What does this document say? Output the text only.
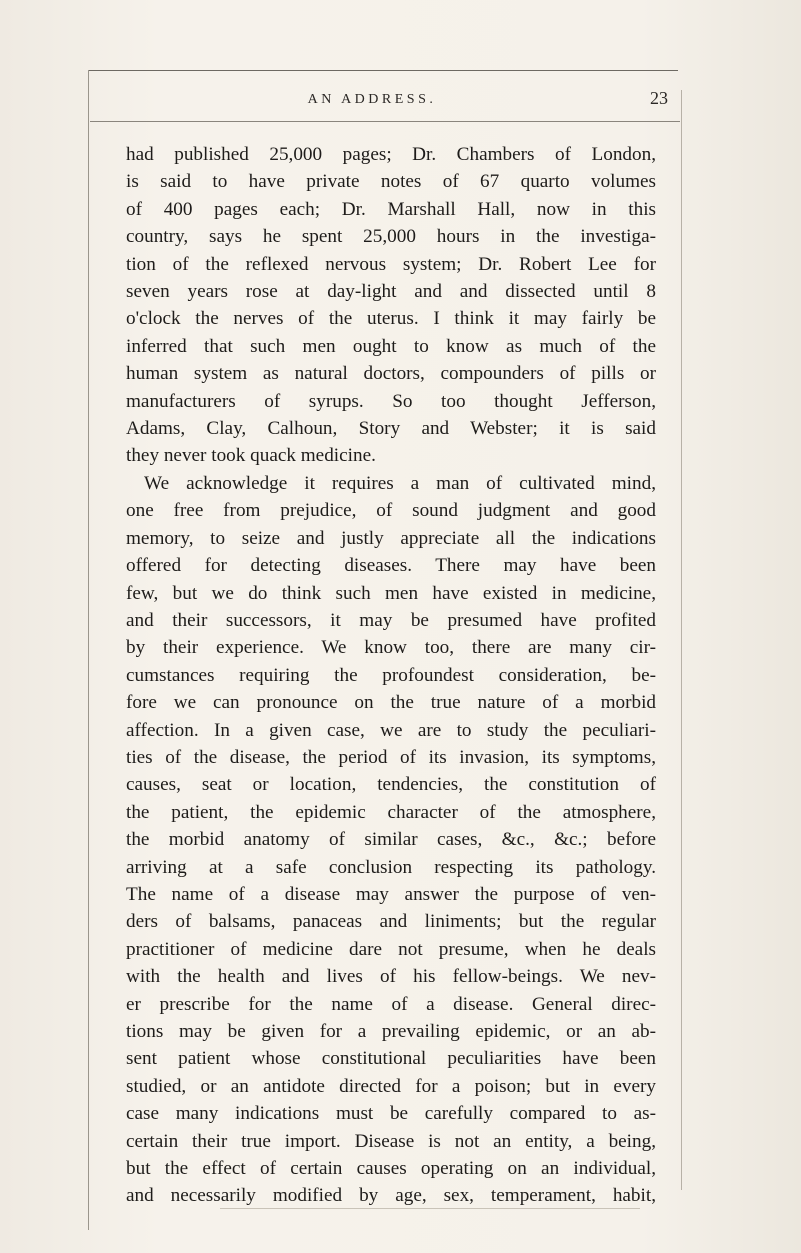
AN ADDRESS.	23
had published 25,000 pages; Dr. Chambers of London,
is said to have private notes of 67 quarto volumes
of 400 pages each; Dr. Marshall Hall, now in this
country, says he spent 25,000 hours in the investiga-
tion of the reflexed nervous system; Dr. Robert Lee for
seven years rose at day-light and and dissected until 8
o'clock the nerves of the uterus. I think it may fairly be
inferred that such men ought to know as much of the
human system as natural doctors, compounders of pills or
manufacturers of syrups. So too thought Jefferson,
Adams, Clay, Calhoun, Story and Webster; it is said
they never took quack medicine.
We acknowledge it requires a man of cultivated mind,
one free from prejudice, of sound judgment and good
memory, to seize and justly appreciate all the indications
offered for detecting diseases. There may have been
few, but we do think such men have existed in medicine,
and their successors, it may be presumed have profited
by their experience. We know too, there are many cir-
cumstances requiring the profoundest consideration, be-
fore we can pronounce on the true nature of a morbid
affection. In a given case, we are to study the peculiari-
ties of the disease, the period of its invasion, its symptoms,
causes, seat or location, tendencies, the constitution of
the patient, the epidemic character of the atmosphere,
the morbid anatomy of similar cases, &c., &c.; before
arriving at a safe conclusion respecting its pathology.
The name of a disease may answer the purpose of ven-
ders of balsams, panaceas and liniments; but the regular
practitioner of medicine dare not presume, when he deals
with the health and lives of his fellow-beings. We nev-
er prescribe for the name of a disease. General direc-
tions may be given for a prevailing epidemic, or an ab-
sent patient whose constitutional peculiarities have been
studied, or an antidote directed for a poison; but in every
case many indications must be carefully compared to as-
certain their true import. Disease is not an entity, a being,
but the effect of certain causes operating on an individual,
and necessarily modified by age, sex, temperament, habit,
